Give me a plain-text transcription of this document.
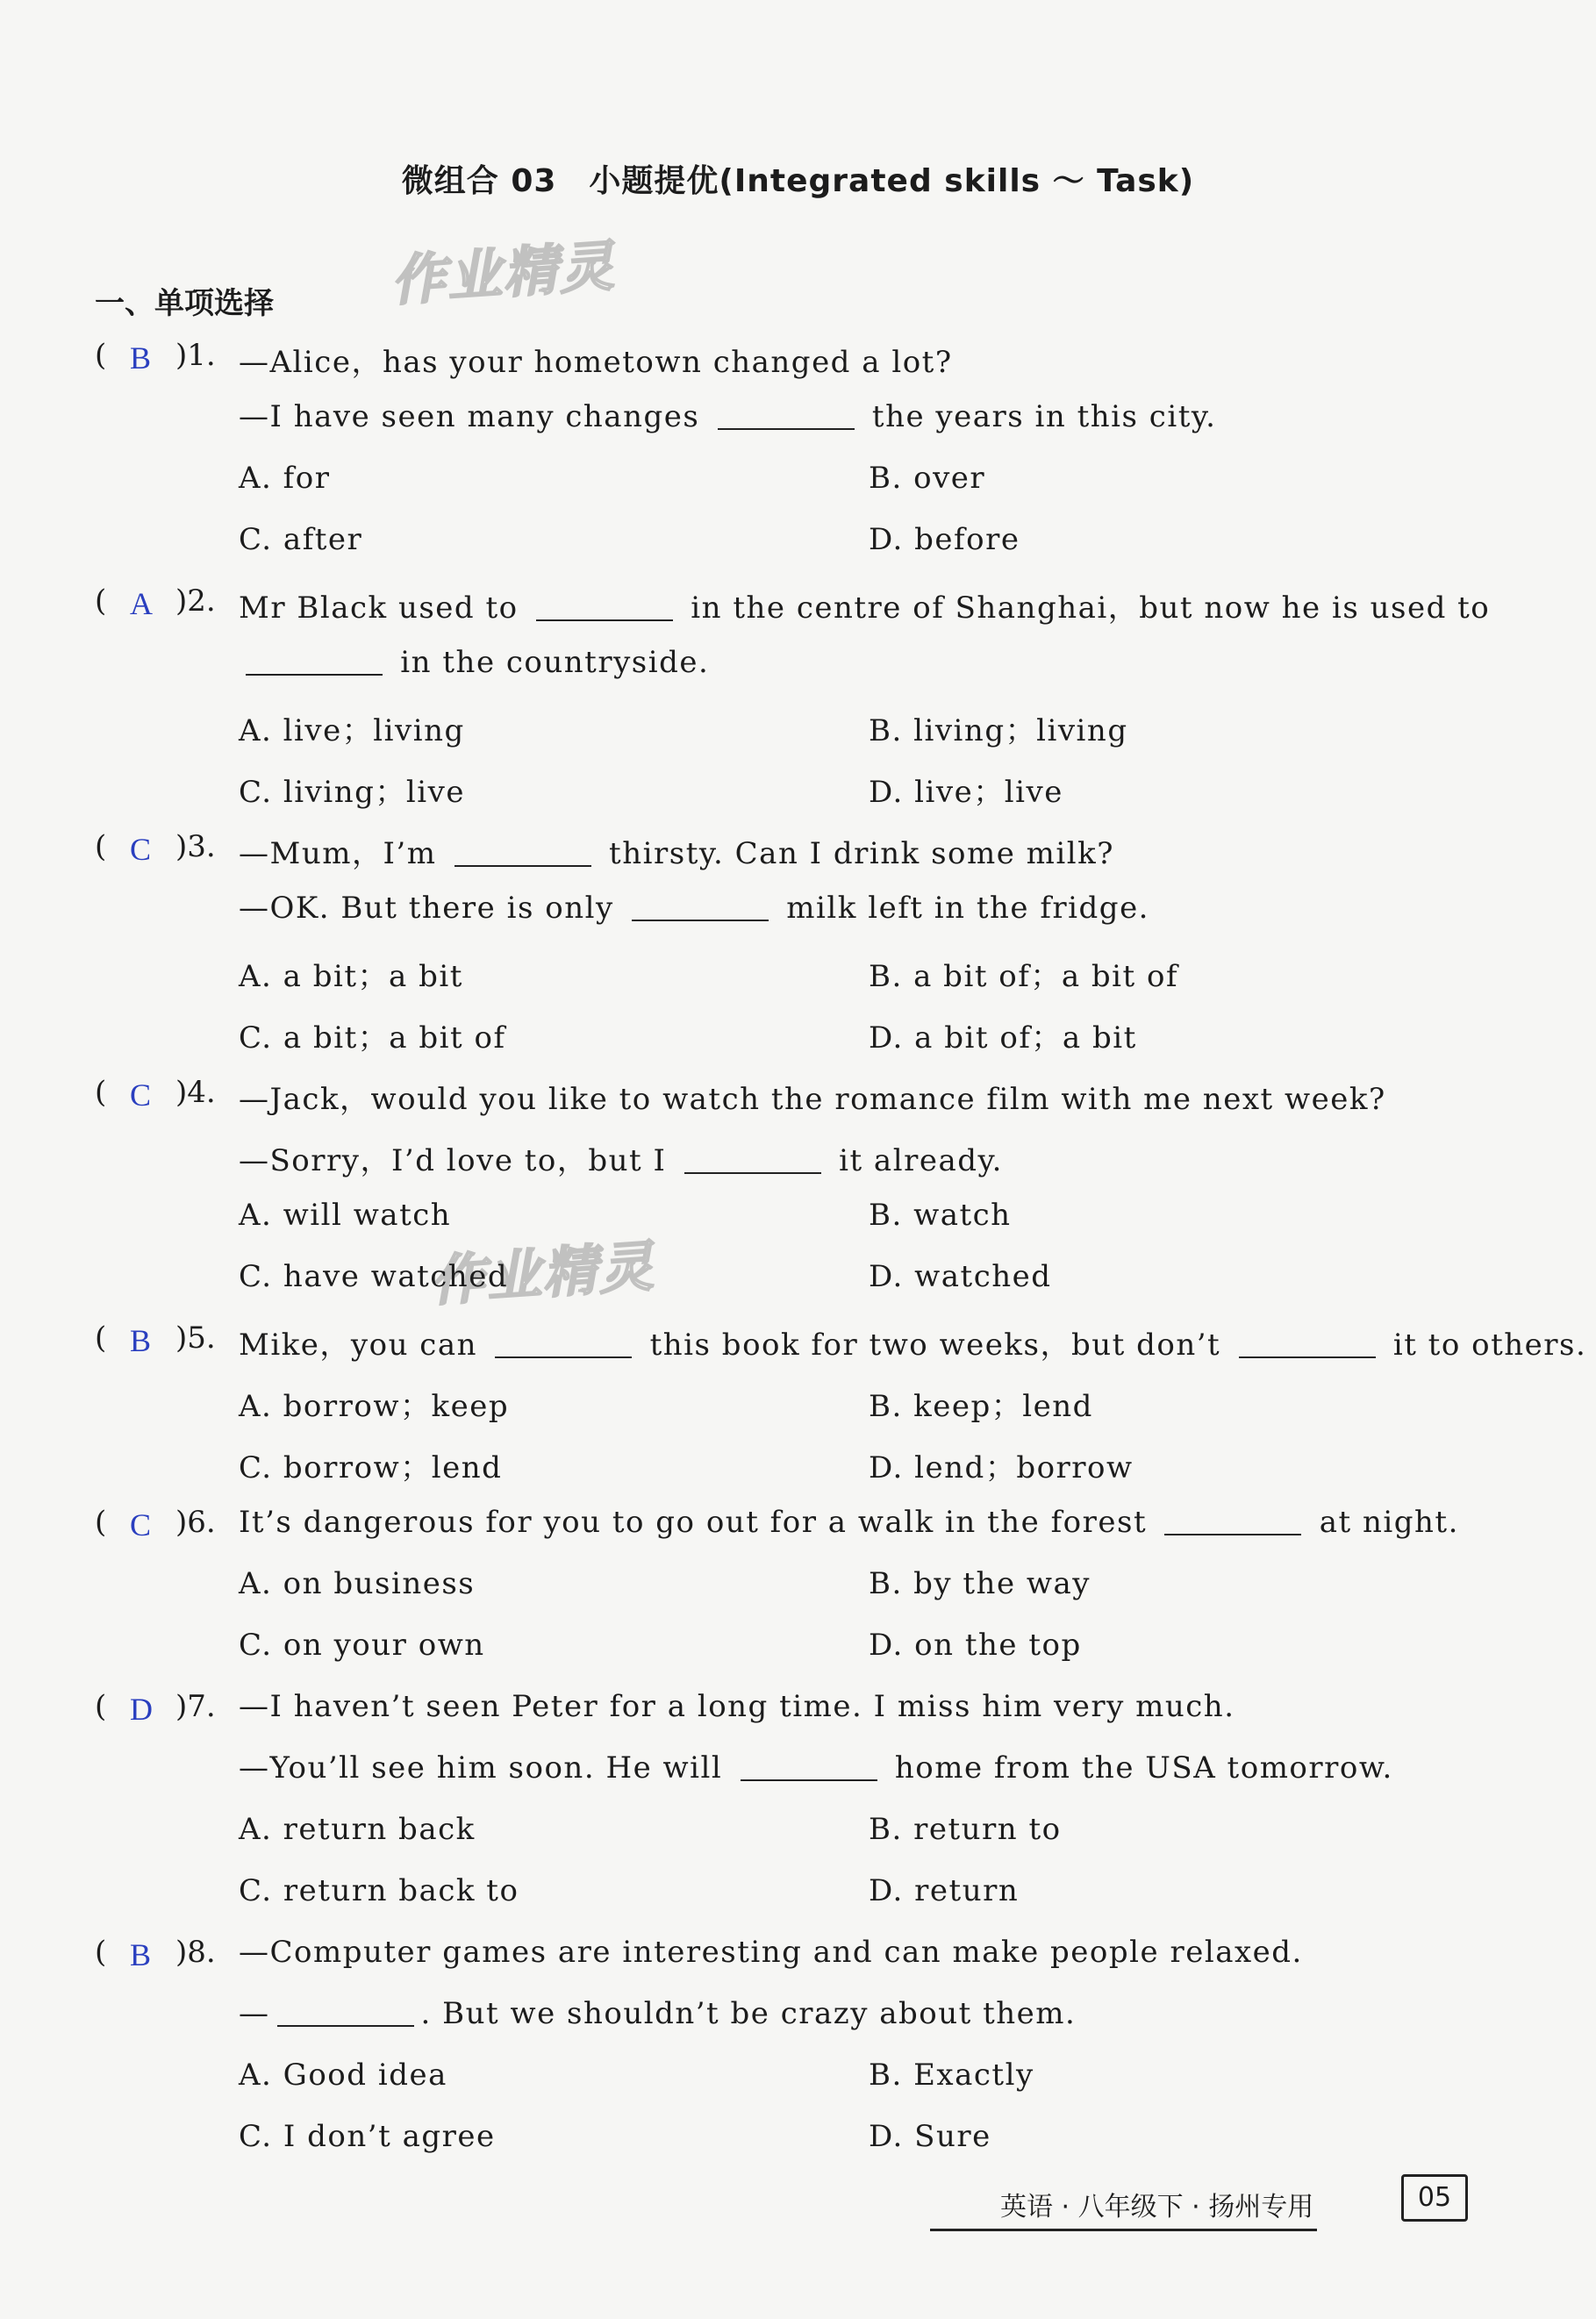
微组合 03　小题提优(Integrated skills ～ Task)
作业精灵
作业精灵
一、单项选择
( B )1. —Alice，has your hometown changed a lot?
—I have seen many changes	the years in this city.
A. for	B. over
C. after	D. before
( A )2. Mr Black used to	in the centre of Shanghai，but now he is used to
in the countryside.
A. live；living	B. living；living
C. living；live	D. live；live
( C )3. —Mum，I’m	thirsty. Can I drink some milk?
—OK. But there is only	milk left in the fridge.
A. a bit；a bit	B. a bit of；a bit of
C. a bit；a bit of	D. a bit of；a bit
( C )4. —Jack，would you like to watch the romance film with me next week?
—Sorry，I’d love to，but I	it already.
A. will watch	B. watch
C. have watched	D. watched
( B )5. Mike，you can	this book for two weeks，but don’t	it to others.
A. borrow；keep	B. keep；lend
C. borrow；lend	D. lend；borrow
( C )6. It’s dangerous for you to go out for a walk in the forest	at night.
A. on business	B. by the way
C. on your own	D. on the top
( D )7. —I haven’t seen Peter for a long time. I miss him very much.
—You’ll see him soon. He will	home from the USA tomorrow.
A. return back	B. return to
C. return back to	D. return
( B )8. —Computer games are interesting and can make people relaxed.
—	. But we shouldn’t be crazy about them.
A. Good idea	B. Exactly
C. I don’t agree	D. Sure
英语 · 八年级下 · 扬州专用	05
